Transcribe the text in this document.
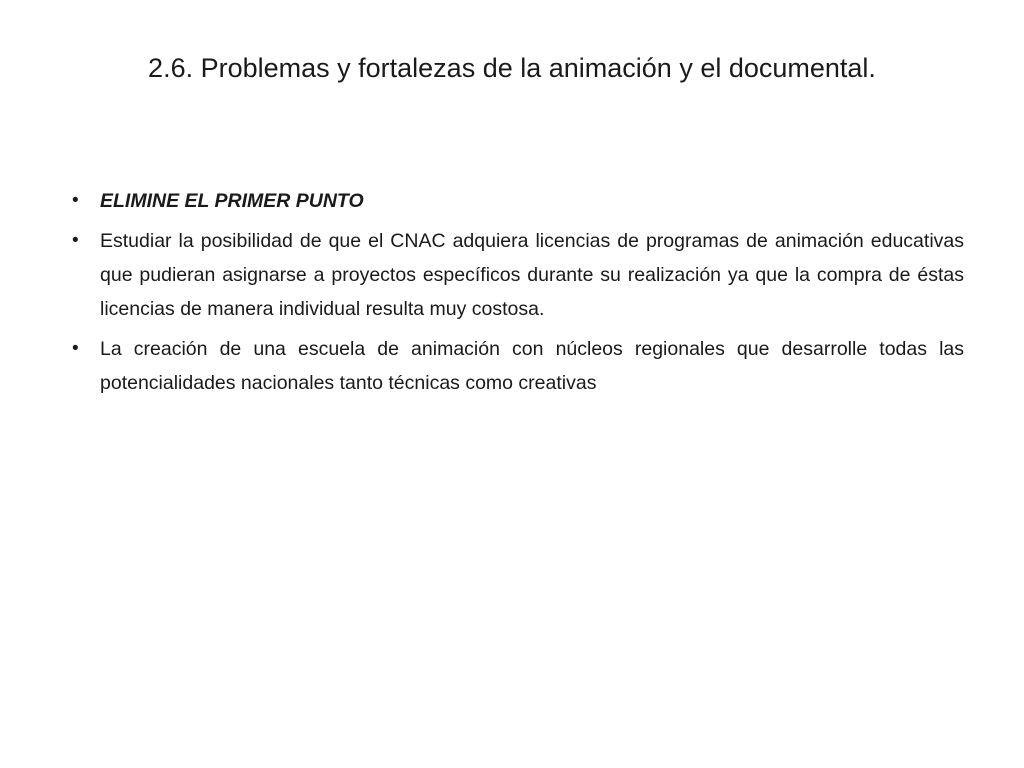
2.6. Problemas y fortalezas de la animación y el documental.
•	ELIMINE EL PRIMER PUNTO
•	Estudiar la posibilidad de que el CNAC adquiera licencias de programas de animación educativas que pudieran asignarse a proyectos específicos durante su realización ya que la compra de éstas licencias de manera individual resulta muy costosa.
•	La creación de una escuela de animación con núcleos regionales que desarrolle todas las potencialidades nacionales tanto técnicas como creativas
